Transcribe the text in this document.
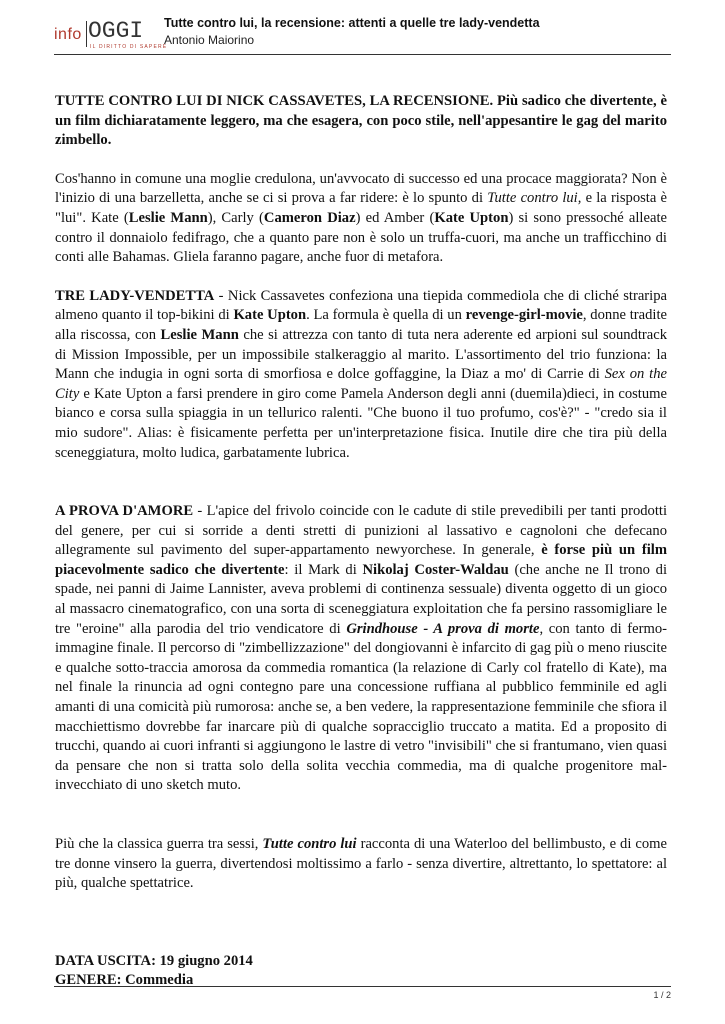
info OGGI
IL DIRITTO DI SAPERE
Tutte contro lui, la recensione: attenti a quelle tre lady-vendetta
Antonio Maiorino

TUTTE CONTRO LUI DI NICK CASSAVETES, LA RECENSIONE. Più sadico che divertente, è un film dichiaratamente leggero, ma che esagera, con poco stile, nell'appesantire le gag del marito zimbello.

Cos'hanno in comune una moglie credulona, un'avvocato di successo ed una procace maggiorata? Non è l'inizio di una barzelletta, anche se ci si prova a far ridere: è lo spunto di Tutte contro lui, e la risposta è "lui". Kate (Leslie Mann), Carly (Cameron Diaz) ed Amber (Kate Upton) si sono pressoché alleate contro il donnaiolo fedifrago, che a quanto pare non è solo un truffa-cuori, ma anche un trafficchino di conti alle Bahamas. Gliela faranno pagare, anche fuor di metafora.

TRE LADY-VENDETTA - Nick Cassavetes confeziona una tiepida commediola che di cliché straripa almeno quanto il top-bikini di Kate Upton. La formula è quella di un revenge-girl-movie, donne tradite alla riscossa, con Leslie Mann che si attrezza con tanto di tuta nera aderente ed arpioni sul soundtrack di Mission Impossible, per un impossibile stalkeraggio al marito. L'assortimento del trio funziona: la Mann che indugia in ogni sorta di smorfiosa e dolce goffaggine, la Diaz a mo' di Carrie di Sex on the City e Kate Upton a farsi prendere in giro come Pamela Anderson degli anni (duemila)dieci, in costume bianco e corsa sulla spiaggia in un tellurico ralenti. "Che buono il tuo profumo, cos'è?" - "credo sia il mio sudore". Alias: è fisicamente perfetta per un'interpretazione fisica. Inutile dire che tira più della sceneggiatura, molto ludica, garbatamente lubrica.

A PROVA D'AMORE - L'apice del frivolo coincide con le cadute di stile prevedibili per tanti prodotti del genere, per cui si sorride a denti stretti di punizioni al lassativo e cagnoloni che defecano allegramente sul pavimento del super-appartamento newyorchese. In generale, è forse più un film piacevolmente sadico che divertente: il Mark di Nikolaj Coster-Waldau (che anche ne Il trono di spade, nei panni di Jaime Lannister, aveva problemi di continenza sessuale) diventa oggetto di un gioco al massacro cinematografico, con una sorta di sceneggiatura exploitation che fa persino rassomigliare le tre "eroine" alla parodia del trio vendicatore di Grindhouse - A prova di morte, con tanto di fermo-immagine finale. Il percorso di "zimbellizzazione" del dongiovanni è infarcito di gag più o meno riuscite e qualche sotto-traccia amorosa da commedia romantica (la relazione di Carly col fratello di Kate), ma nel finale la rinuncia ad ogni contegno pare una concessione ruffiana al pubblico femminile ed agli amanti di una comicità più rumorosa: anche se, a ben vedere, la rappresentazione femminile che sfiora il macchiettismo dovrebbe far inarcare più di qualche sopracciglio truccato a matita. Ed a proposito di trucchi, quando ai cuori infranti si aggiungono le lastre di vetro "invisibili" che si frantumano, vien quasi da pensare che non si tratta solo della solita vecchia commedia, ma di qualche progenitore mal-invecchiato di uno sketch muto.

Più che la classica guerra tra sessi, Tutte contro lui racconta di una Waterloo del bellimbusto, e di come tre donne vinsero la guerra, divertendosi moltissimo a farlo - senza divertire, altrettanto, lo spettatore: al più, qualche spettatrice.

DATA USCITA: 19 giugno 2014

GENERE: Commedia

1 / 2
